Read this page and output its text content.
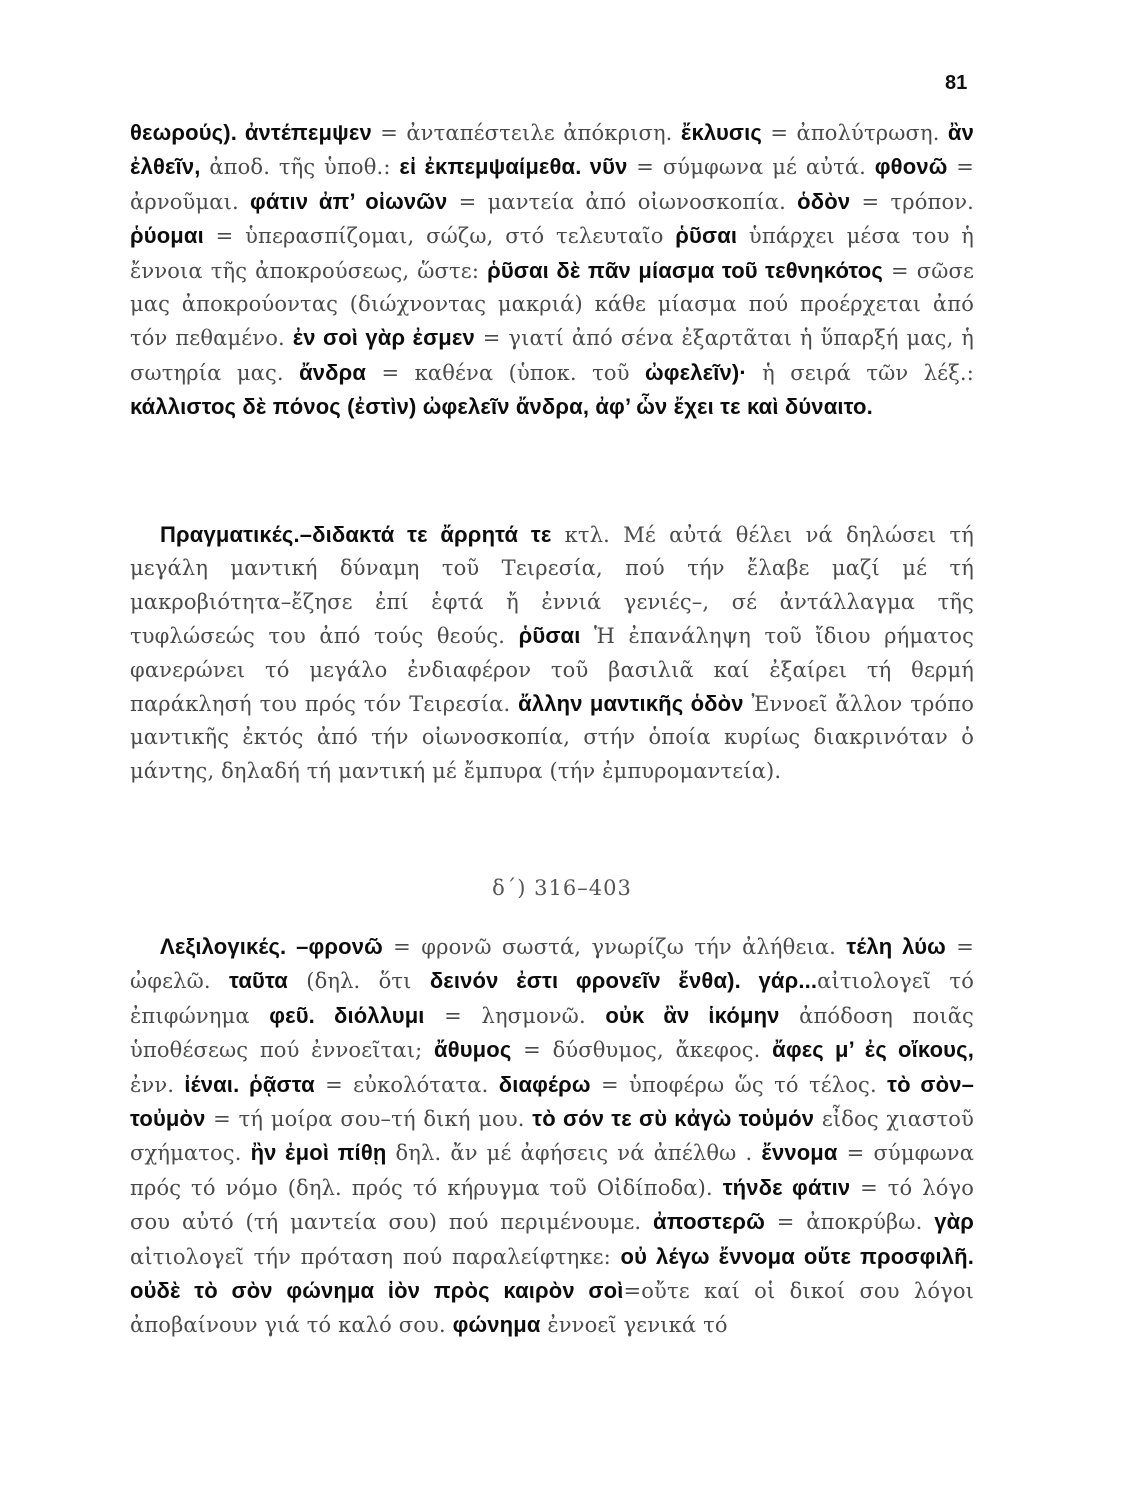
81
θεωρούς). ἀντέπεμψεν = ἀνταπέστειλε ἀπόκριση. ἔκλυσις = ἀπολύτρωση. ἂν ἐλθεῖν, ἀποδ. τῆς ὑποθ.: εἰ ἐκπεμψαίμεθα. νῦν = σύμφωνα μέ αὐτά. φθονῶ = ἀρνοῦμαι. φάτιν ἀπ’ οἰωνῶν = μαντεία ἀπό οἰωνοσκοπία. ὁδὸν = τρόπον. ῥύομαι = ὑπερασπίζομαι, σώζω, στό τελευταῖο ῥῦσαι ὑπάρχει μέσα του ἡ ἔννοια τῆς ἀποκρούσεως, ὥστε: ῥῦσαι δὲ πᾶν μίασμα τοῦ τεθνηκότος = σῶσε μας ἀποκρούοντας (διώχνοντας μακριά) κάθε μίασμα πού προέρχεται ἀπό τόν πεθαμένο. ἐν σοὶ γὰρ ἐσμεν = γιατί ἀπό σένα ἐξαρτᾶται ἡ ὕπαρξή μας, ἡ σωτηρία μας. ἄνδρα = καθένα (ὑποκ. τοῦ ὠφελεῖν)· ἡ σειρά τῶν λέξ.: κάλλιστος δὲ πόνος (ἐστὶν) ὠφελεῖν ἄνδρα, ἀφ’ ὧν ἔχει τε καὶ δύναιτο.
Πραγματικές.–διδακτά τε ἄρρητά τε κτλ. Μέ αὐτά θέλει νά δηλώσει τή μεγάλη μαντική δύναμη τοῦ Τειρεσία, πού τήν ἔλαβε μαζί μέ τή μακροβιότητα–ἔζησε ἐπί ἑφτά ἤ ἐννιά γενιές–, σέ ἀντάλλαγμα τῆς τυφλώσεώς του ἀπό τούς θεούς. ῥῦσαι Ἡ ἐπανάληψη τοῦ ἴδιου ρήματος φανερώνει τό μεγάλο ἐνδιαφέρον τοῦ βασιλιᾶ καί ἐξαίρει τή θερμή παράκλησή του πρός τόν Τειρεσία. ἄλλην μαντικῆς ὁδὸν Ἐννοεῖ ἄλλον τρόπο μαντικῆς ἐκτός ἀπό τήν οἰωνοσκοπία, στήν ὁποία κυρίως διακρινόταν ὁ μάντης, δηλαδή τή μαντική μέ ἔμπυρα (τήν ἐμπυρομαντεία).
δ΄) 316–403
Λεξιλογικές. –φρονῶ = φρονῶ σωστά, γνωρίζω τήν ἀλήθεια. τέλη λύω = ὠφελῶ. ταῦτα (δηλ. ὅτι δεινόν ἐστι φρονεῖν ἔνθα). γάρ...αἰτιολογεῖ τό ἐπιφώνημα φεῦ. διόλλυμι = λησμονῶ. οὐκ ἂν ἱκόμην ἀπόδοση ποιᾶς ὑποθέσεως πού ἐννοεῖται; ἄθυμος = δύσθυμος, ἄκεφος. ἄφες μ’ ἐς οἴκους, ἐνν. ἰέναι. ῥᾷστα = εὐκολότατα. διαφέρω = ὑποφέρω ὥς τό τέλος. τὸ σὸν–τοὐμὸν = τή μοίρα σου–τή δική μου. τὸ σόν τε σὺ κἀγὼ τοὐμόν εἶδος χιαστοῦ σχήματος. ἢν ἐμοὶ πίθῃ δηλ. ἄν μέ ἀφήσεις νά ἀπέλθω . ἔννομα = σύμφωνα πρός τό νόμο (δηλ. πρός τό κήρυγμα τοῦ Οἰδίποδα). τήνδε φάτιν = τό λόγο σου αὐτό (τή μαντεία σου) πού περιμένουμε. ἀποστερῶ = ἀποκρύβω. γὰρ αἰτιολογεῖ τήν πρόταση πού παραλείφτηκε: οὐ λέγω ἔννομα οὔτε προσφιλῆ. οὐδὲ τὸ σὸν φώνημα ἰὸν πρὸς καιρὸν σοὶ=οὔτε καί οἱ δικοί σου λόγοι ἀποβαίνουν γιά τό καλό σου. φώνημα ἐννοεῖ γενικά τό
